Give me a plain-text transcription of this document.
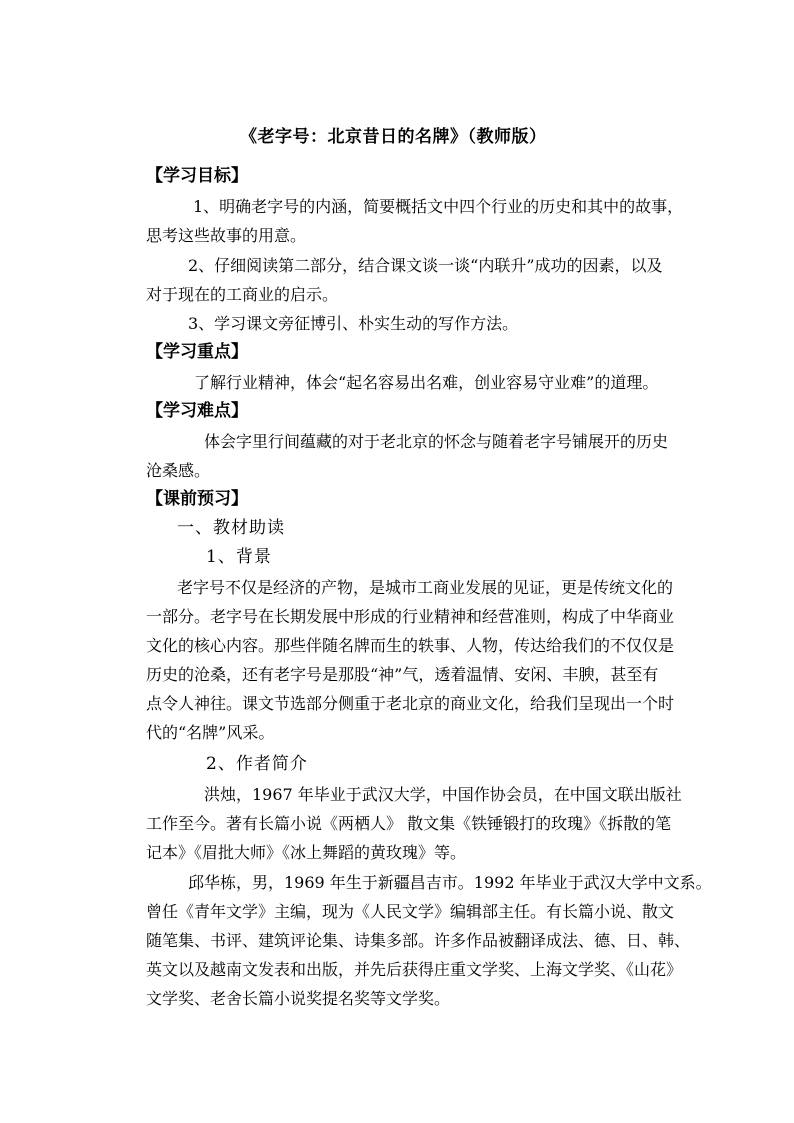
《老字号：北京昔日的名牌》（教师版）
【学习目标】
1、明确老字号的内涵，简要概括文中四个行业的历史和其中的故事，
思考这些故事的用意。
2、仔细阅读第二部分，结合课文谈一谈“内联升”成功的因素，以及
对于现在的工商业的启示。
3、学习课文旁征博引、朴实生动的写作方法。
【学习重点】
了解行业精神，体会“起名容易出名难，创业容易守业难”的道理。
【学习难点】
体会字里行间蕴藏的对于老北京的怀念与随着老字号铺展开的历史
沧桑感。
【课前预习】
一、教材助读
1、背景
老字号不仅是经济的产物，是城市工商业发展的见证，更是传统文化的
一部分。老字号在长期发展中形成的行业精神和经营准则，构成了中华商业
文化的核心内容。那些伴随名牌而生的轶事、人物，传达给我们的不仅仅是
历史的沧桑，还有老字号是那股“神”气，透着温情、安闲、丰腴，甚至有
点令人神往。课文节选部分侧重于老北京的商业文化，给我们呈现出一个时
代的“名牌”风采。
2、作者简介
洪烛，1967 年毕业于武汉大学，中国作协会员，在中国文联出版社
工作至今。著有长篇小说《两栖人》 散文集《铁锤锻打的玫瑰》《拆散的笔
记本》《眉批大师》《冰上舞蹈的黄玫瑰》等。
邱华栋，男，1969 年生于新疆昌吉市。1992 年毕业于武汉大学中文系。
曾任《青年文学》主编，现为《人民文学》编辑部主任。有长篇小说、散文
随笔集、书评、建筑评论集、诗集多部。许多作品被翻译成法、德、日、韩、
英文以及越南文发表和出版，并先后获得庄重文学奖、上海文学奖、《山花》
文学奖、老舍长篇小说奖提名奖等文学奖。
